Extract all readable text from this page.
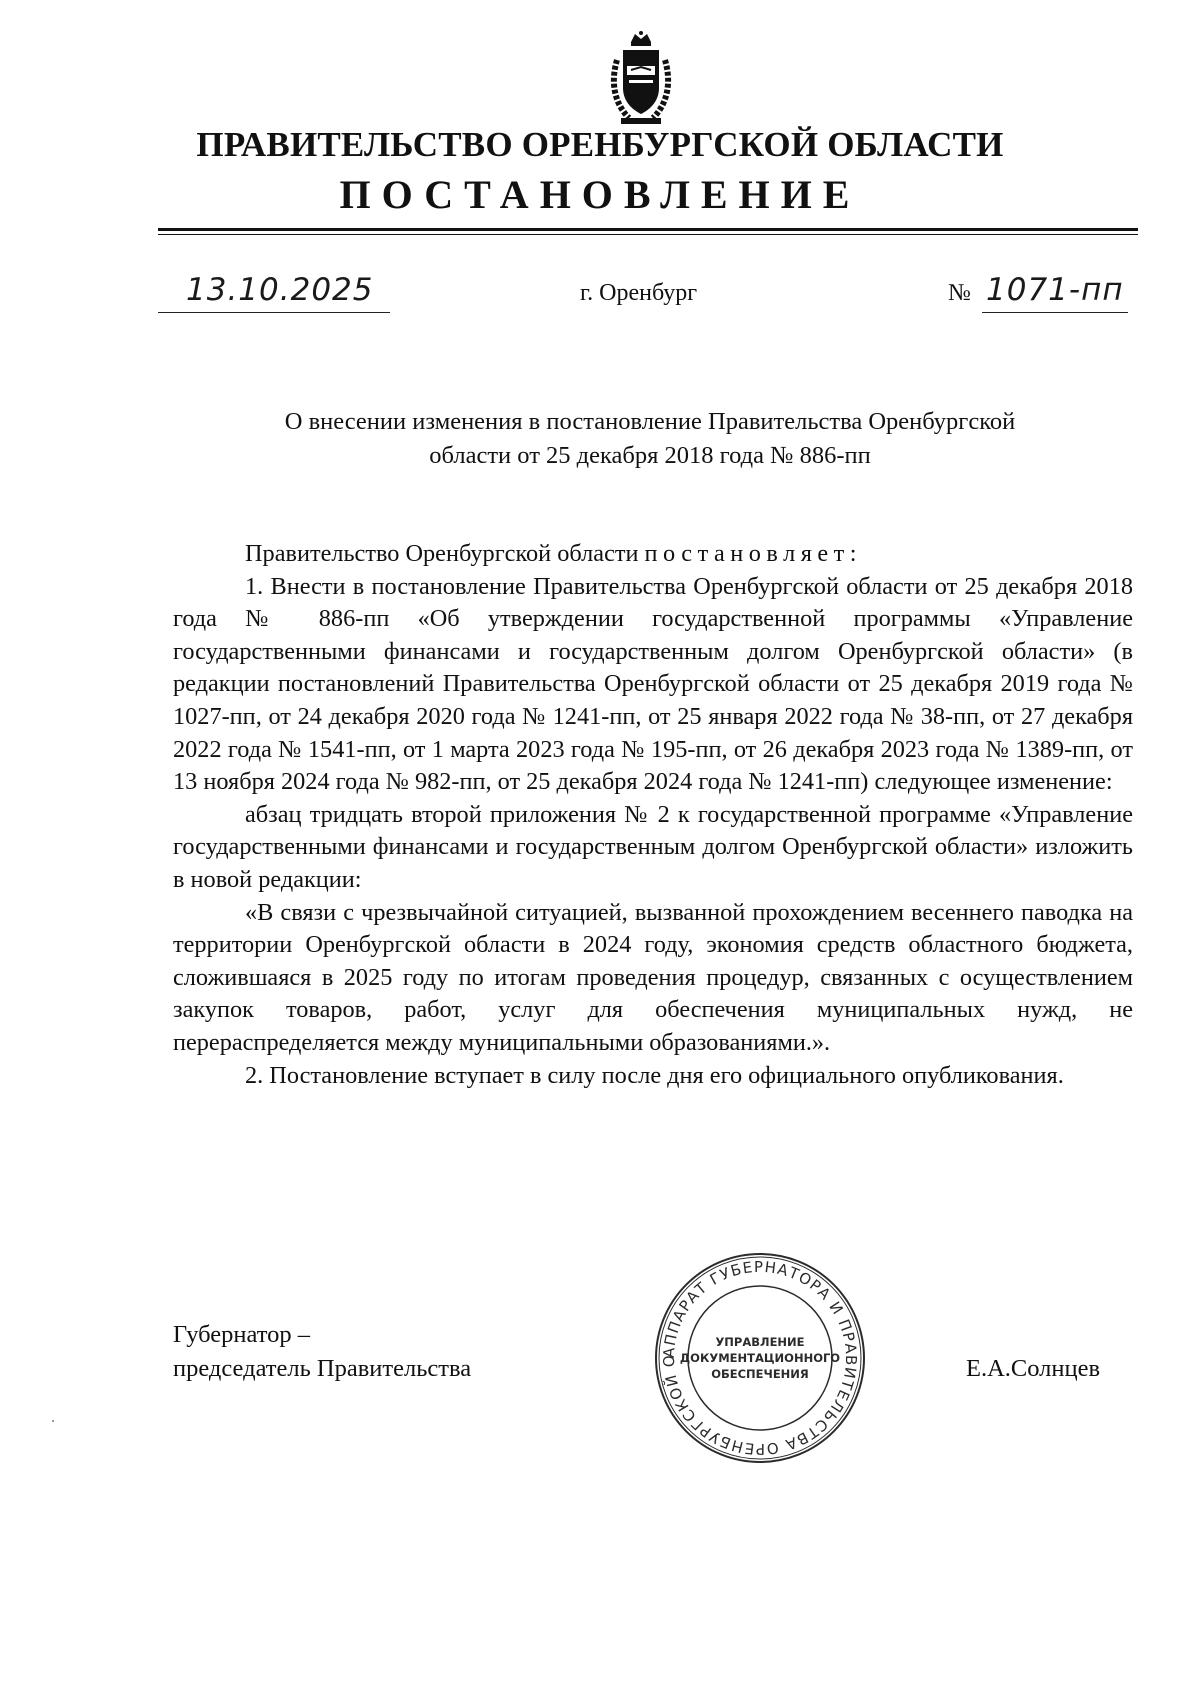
ПРАВИТЕЛЬСТВО ОРЕНБУРГСКОЙ ОБЛАСТИ
ПОСТАНОВЛЕНИЕ
13.10.2025	г. Оренбург	№ 1071-пп
О внесении изменения в постановление Правительства Оренбургской
области от 25 декабря 2018 года № 886-пп

Правительство Оренбургской области постановляет:

1. Внести в постановление Правительства Оренбургской области от 25 декабря 2018 года № 886-пп «Об утверждении государственной программы «Управление государственными финансами и государственным долгом Оренбургской области» (в редакции постановлений Правительства Оренбургской области от 25 декабря 2019 года № 1027-пп, от 24 декабря 2020 года № 1241-пп, от 25 января 2022 года № 38-пп, от 27 декабря 2022 года № 1541-пп, от 1 марта 2023 года № 195-пп, от 26 декабря 2023 года № 1389-пп, от 13 ноября 2024 года № 982-пп, от 25 декабря 2024 года № 1241-пп) следующее изменение:

абзац тридцать второй приложения № 2 к государственной программе «Управление государственными финансами и государственным долгом Оренбургской области» изложить в новой редакции:

«В связи с чрезвычайной ситуацией, вызванной прохождением весеннего паводка на территории Оренбургской области в 2024 году, экономия средств областного бюджета, сложившаяся в 2025 году по итогам проведения процедур, связанных с осуществлением закупок товаров, работ, услуг для обеспечения муниципальных нужд, не перераспределяется между муниципальными образованиями.».

2. Постановление вступает в силу после дня его официального опубликования.

Губернатор –
председатель Правительства
АППАРАТ ГУБЕРНАТОРА И ПРАВИТЕЛЬСТВА ОРЕНБУРГСКОЙ О
УПРАВЛЕНИЕ
ДОКУМЕНТАЦИОННОГО
ОБЕСПЕЧЕНИЯ	Е.А.Солнцев
